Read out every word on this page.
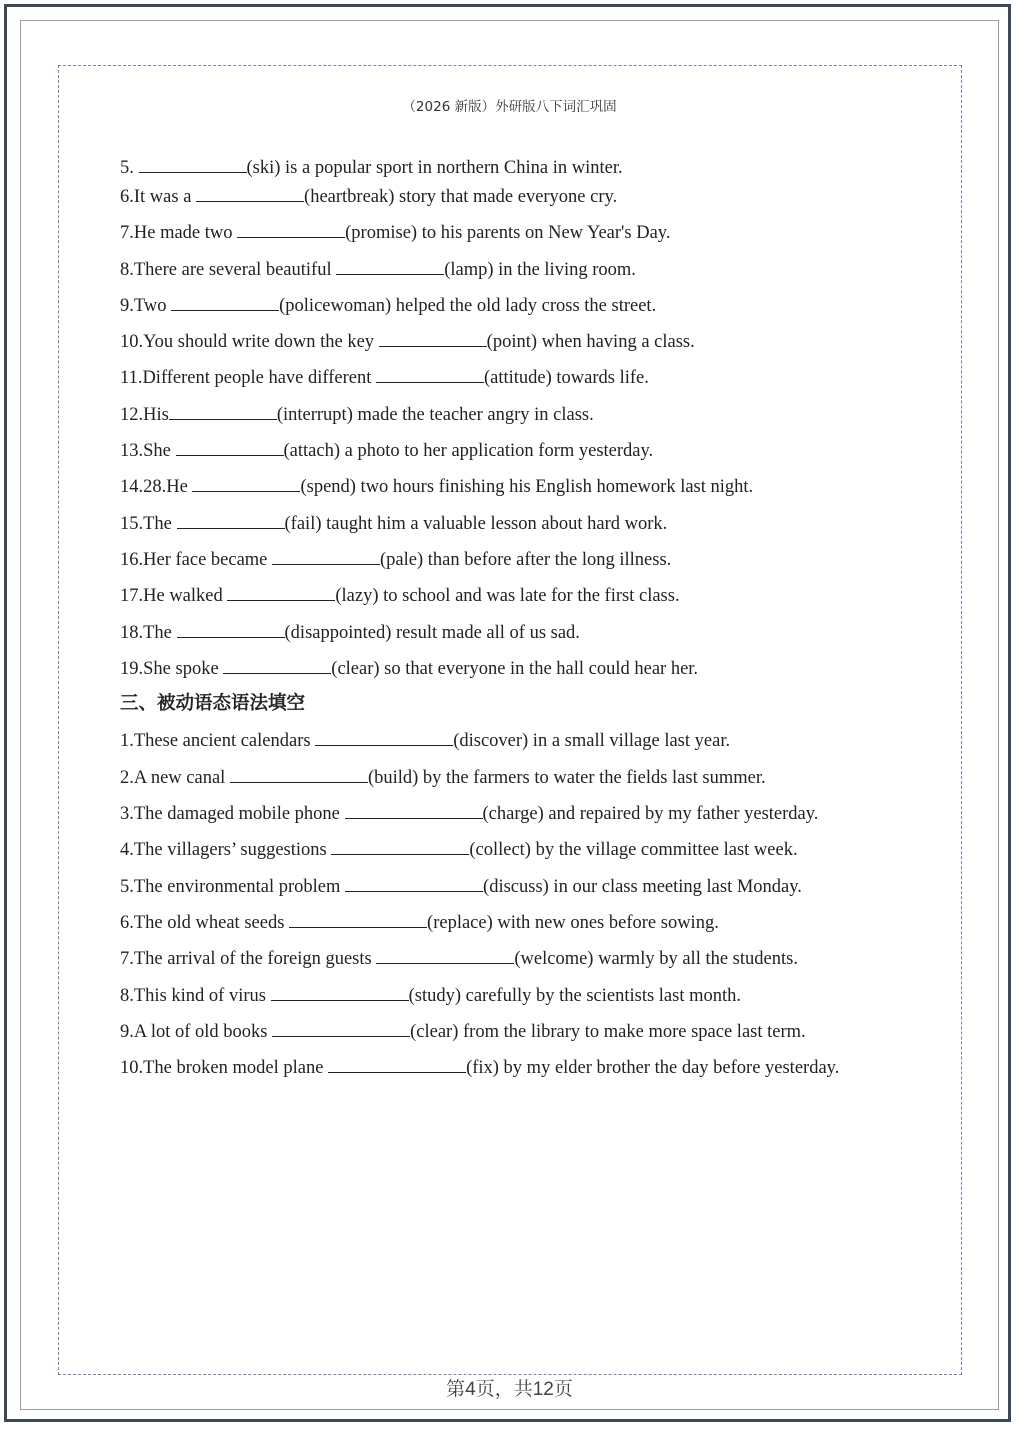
（2026 新版）外研版八下词汇巩固
5.	(ski) is a popular sport in northern China in winter.
6.It was a	(heartbreak) story that made everyone cry.
7.He made two	(promise) to his parents on New Year's Day.
8.There are several beautiful	(lamp) in the living room.
9.Two	(policewoman) helped the old lady cross the street.
10.You should write down the key	(point) when having a class.
11.Different people have different	(attitude) towards life.
12.His	(interrupt) made the teacher angry in class.
13.She	(attach) a photo to her application form yesterday.
14.28.He	(spend) two hours finishing his English homework last night.
15.The	(fail) taught him a valuable lesson about hard work.
16.Her face became	(pale) than before after the long illness.
17.He walked	(lazy) to school and was late for the first class.
18.The	(disappointed) result made all of us sad.
19.She spoke	(clear) so that everyone in the hall could hear her.
三、被动语态语法填空
1.These ancient calendars	(discover) in a small village last year.
2.A new canal	(build) by the farmers to water the fields last summer.
3.The damaged mobile phone	(charge) and repaired by my father yesterday.
4.The villagers’ suggestions	(collect) by the village committee last week.
5.The environmental problem	(discuss) in our class meeting last Monday.
6.The old wheat seeds	(replace) with new ones before sowing.
7.The arrival of the foreign guests	(welcome) warmly by all the students.
8.This kind of virus	(study) carefully by the scientists last month.
9.A lot of old books	(clear) from the library to make more space last term.
10.The broken model plane	(fix) by my elder brother the day before yesterday.
第4页，共12页
